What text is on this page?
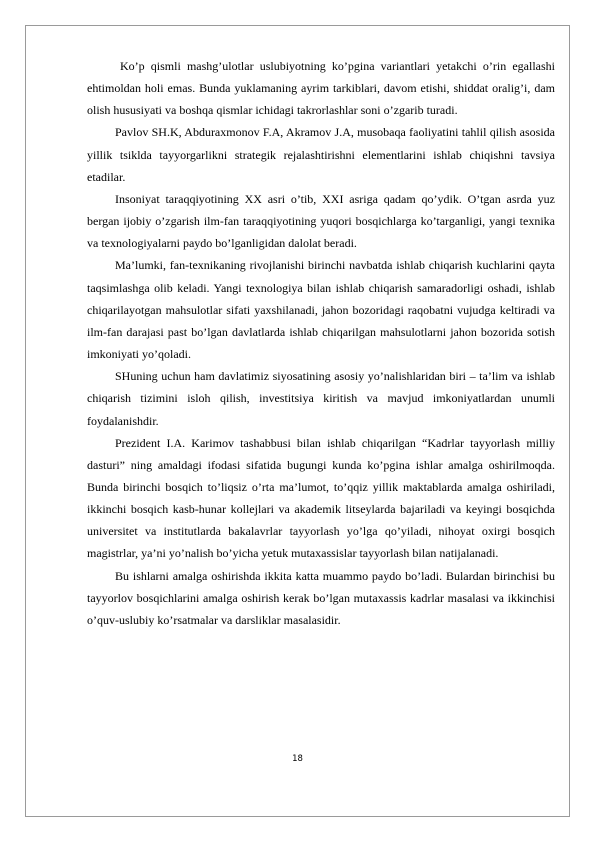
Ko’p qismli mashg’ulotlar uslubiyotning ko’pgina variantlari yetakchi o’rin egallashi ehtimoldan holi emas. Bunda yuklamaning ayrim tarkiblari, davom etishi, shiddat oralig’i, dam olish hususiyati va boshqa qismlar ichidagi takrorlashlar soni o’zgarib turadi.

Pavlov SH.K, Abduraxmonov F.A, Akramov J.A, musobaqa faoliyatini tahlil qilish asosida yillik tsiklda tayyorgarlikni strategik rejalashtirishni elementlarini ishlab chiqishni tavsiya etadilar.

Insoniyat taraqqiyotining XX asri o’tib, XXI asriga qadam qo’ydik. O’tgan asrda yuz bergan ijobiy o’zgarish ilm-fan taraqqiyotining yuqori bosqichlarga ko’targanligi, yangi texnika va texnologiyalarni paydo bo’lganligidan dalolat beradi.

Ma’lumki, fan-texnikaning rivojlanishi birinchi navbatda ishlab chiqarish kuchlarini qayta taqsimlashga olib keladi. Yangi texnologiya bilan ishlab chiqarish samaradorligi oshadi, ishlab chiqarilayotgan mahsulotlar sifati yaxshilanadi, jahon bozoridagi raqobatni vujudga keltiradi va ilm-fan darajasi past bo’lgan davlatlarda ishlab chiqarilgan mahsulotlarni jahon bozorida sotish imkoniyati yo’qoladi.

SHuning uchun ham davlatimiz siyosatining asosiy yo’nalishlaridan biri – ta’lim va ishlab chiqarish tizimini isloh qilish, investitsiya kiritish va mavjud imkoniyatlardan unumli foydalanishdir.

Prezident I.A. Karimov tashabbusi bilan ishlab chiqarilgan “Kadrlar tayyorlash milliy dasturi” ning amaldagi ifodasi sifatida bugungi kunda ko’pgina ishlar amalga oshirilmoqda. Bunda birinchi bosqich to’liqsiz o’rta ma’lumot, to’qqiz yillik maktablarda amalga oshiriladi, ikkinchi bosqich kasb-hunar kollejlari va akademik litseylarda bajariladi va keyingi bosqichda universitet va institutlarda bakalavrlar tayyorlash yo’lga qo’yiladi, nihoyat oxirgi bosqich magistrlar, ya’ni yo’nalish bo’yicha yetuk mutaxassislar tayyorlash bilan natijalanadi.

Bu ishlarni amalga oshirishda ikkita katta muammo paydo bo’ladi. Bulardan birinchisi bu tayyorlov bosqichlarini amalga oshirish kerak bo’lgan mutaxassis kadrlar masalasi va ikkinchisi o’quv-uslubiy ko’rsatmalar va darsliklar masalasidir.

18
